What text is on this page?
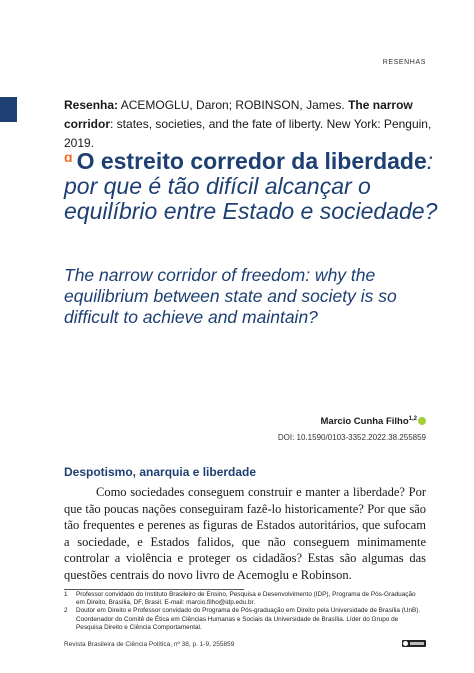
RESENHAS
Resenha: ACEMOGLU, Daron; ROBINSON, James. The narrow corridor: states, societies, and the fate of liberty. New York: Penguin, 2019.
$^ɑ$ O estreito corredor da liberdade: por que é tão difícil alcançar o equilíbrio entre Estado e sociedade?
The narrow corridor of freedom: why the equilibrium between state and society is so difficult to achieve and maintain?
Marcio Cunha Filho$^{1,2}$
DOI: 10.1590/0103-3352.2022.38.255859
Despotismo, anarquia e liberdade
Como sociedades conseguem construir e manter a liberdade? Por que tão poucas nações conseguiram fazê-lo historicamente? Por que são tão frequentes e perenes as figuras de Estados autoritários, que sufocam a sociedade, e Estados falidos, que não conseguem minimamente controlar a violência e proteger os cidadãos? Estas são algumas das questões centrais do novo livro de Acemoglu e Robinson.
1 Professor convidado do Instituto Brasileiro de Ensino, Pesquisa e Desenvolvimento (IDP), Programa de Pós-Graduação em Direito, Brasília, DF, Brasil. E-mail: marcio.filho@idp.edu.br.
2 Doutor em Direito e Professor convidado do Programa de Pós-graduação em Direito pela Universidade de Brasília (UnB). Coordenador do Comitê de Ética em Ciências Humanas e Sociais da Universidade de Brasília. Líder do Grupo de Pesquisa Direito e Ciência Comportamental.
Revista Brasileira de Ciência Política, nº 38, p. 1-9, 255859
